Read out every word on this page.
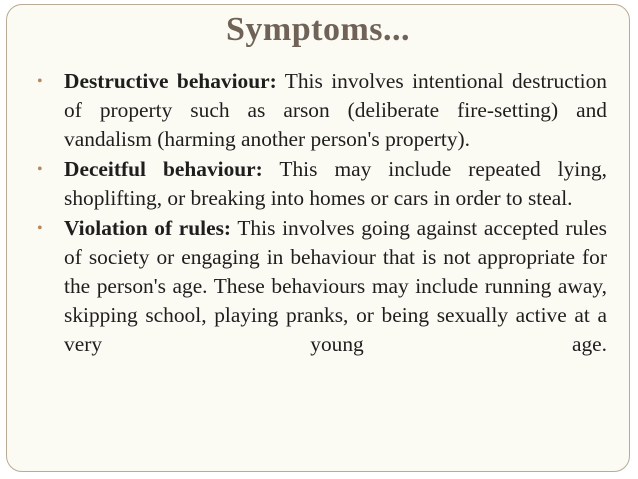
Symptoms...
• Destructive behaviour: This involves intentional destruction of property such as arson (deliberate fire-setting) and vandalism (harming another person's property).
• Deceitful behaviour: This may include repeated lying, shoplifting, or breaking into homes or cars in order to steal.
• Violation of rules: This involves going against accepted rules of society or engaging in behaviour that is not appropriate for the person's age. These behaviours may include running away, skipping school, playing pranks, or being sexually active at a very young age.
